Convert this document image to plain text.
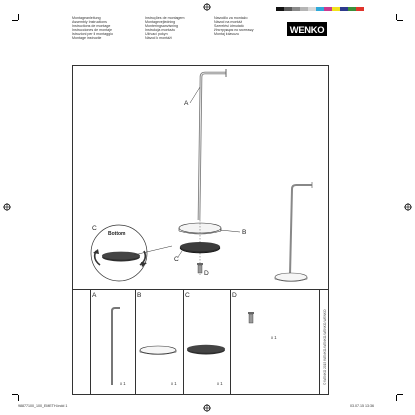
Montageanleitung
Assembly Instructions
Instructions de montage
Instrucciones de montaje
Istruzioni per il montaggio
Montage instructie
Instruções de montagem
Montagevejledning
Monteringsanvisning
Instrukcja montażu
Užívací pokyn
Návod k montáži
Navodilo za montažo
Návod na montáž
Szerelési útmutató
Инструкция по монтажу
Montaj kılavuzu	WENKO
A
B
C
D
C
Bottom
A	B	C	D
x 1	x 1	x 1
x 1	© WENKO 2015 WENKO-WENKO-WENKO-WENKO
98877100_100_EMETH.indd 1	03.07.15 13:36
